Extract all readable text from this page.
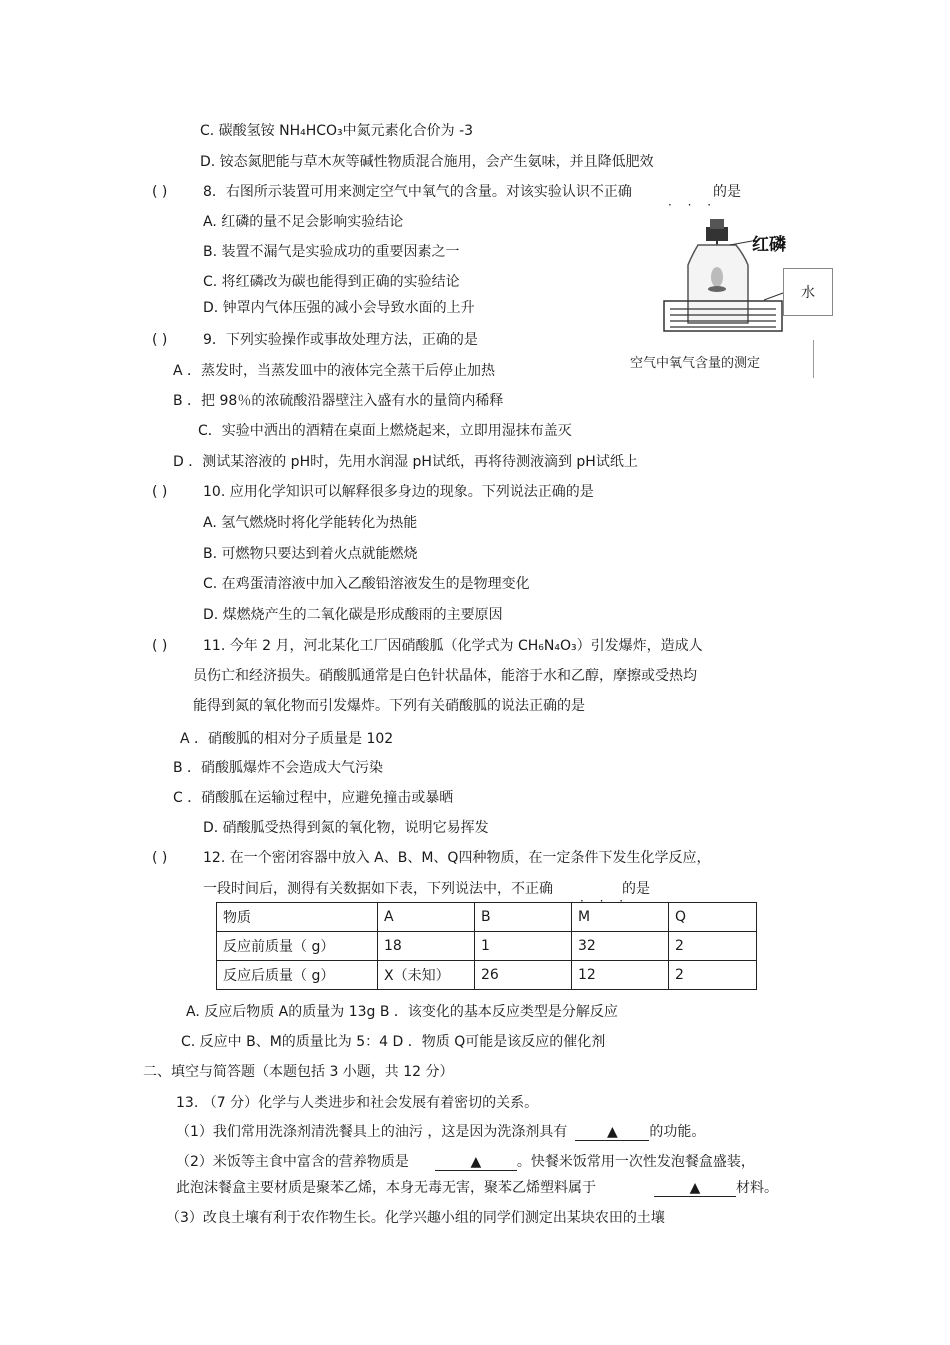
C. 碳酸氢铵 NH₄HCO₃中氮元素化合价为 -3
D. 铵态氮肥能与草木灰等碱性物质混合施用，会产生氨味，并且降低肥效
( )	8．右图所示装置可用来测定空气中氧气的含量。对该实验认识不正确
· · ·
的是
A. 红磷的量不足会影响实验结论
B. 装置不漏气是实验成功的重要因素之一
C. 将红磷改为碳也能得到正确的实验结论
D. 钟罩内气体压强的减小会导致水面的上升
红磷
水
空气中氧气含量的测定
( )	9．下列实验操作或事故处理方法，正确的是
A ．蒸发时，当蒸发皿中的液体完全蒸干后停止加热
B ．把 98％的浓硫酸沿器壁注入盛有水的量筒内稀释
C．实验中洒出的酒精在桌面上燃烧起来，立即用湿抹布盖灭
D ．测试某溶液的 pH时，先用水润湿 pH试纸，再将待测液滴到 pH试纸上
( )	10. 应用化学知识可以解释很多身边的现象。下列说法正确的是
A. 氢气燃烧时将化学能转化为热能
B. 可燃物只要达到着火点就能燃烧
C. 在鸡蛋清溶液中加入乙酸铅溶液发生的是物理变化
D. 煤燃烧产生的二氧化碳是形成酸雨的主要原因
( )	11. 今年 2 月，河北某化工厂因硝酸胍（化学式为 CH₆N₄O₃）引发爆炸，造成人
员伤亡和经济损失。硝酸胍通常是白色针状晶体，能溶于水和乙醇，摩擦或受热均
能得到氮的氧化物而引发爆炸。下列有关硝酸胍的说法正确的是
A ．硝酸胍的相对分子质量是 102
B ．硝酸胍爆炸不会造成大气污染
C ．硝酸胍在运输过程中，应避免撞击或暴晒
D. 硝酸胍受热得到氮的氧化物，说明它易挥发
( )	12. 在一个密闭容器中放入 A、B、M、Q四种物质，在一定条件下发生化学反应，
一段时间后，测得有关数据如下表，下列说法中，不正确
· · ·
的是
物质	A	B	M	Q
反应前质量（ g）	18	1	32	2
反应后质量（ g）	X（未知）	26	12	2
A. 反应后物质 A的质量为 13g B ．该变化的基本反应类型是分解反应
C. 反应中 B、M的质量比为 5：4 D ．物质 Q可能是该反应的催化剂
二、填空与简答题（本题包括 3 小题，共 12 分）
13. （7 分）化学与人类进步和社会发展有着密切的关系。
（1）我们常用洗涤剂清洗餐具上的油污 ，这是因为洗涤剂具有	▲ 的功能。
（2）米饭等主食中富含的营养物质是	▲	。快餐米饭常用一次性发泡餐盒盛装，
此泡沫餐盒主要材质是聚苯乙烯，本身无毒无害，聚苯乙烯塑料属于	▲	材料。
（3）改良土壤有利于农作物生长。化学兴趣小组的同学们测定出某块农田的土壤
